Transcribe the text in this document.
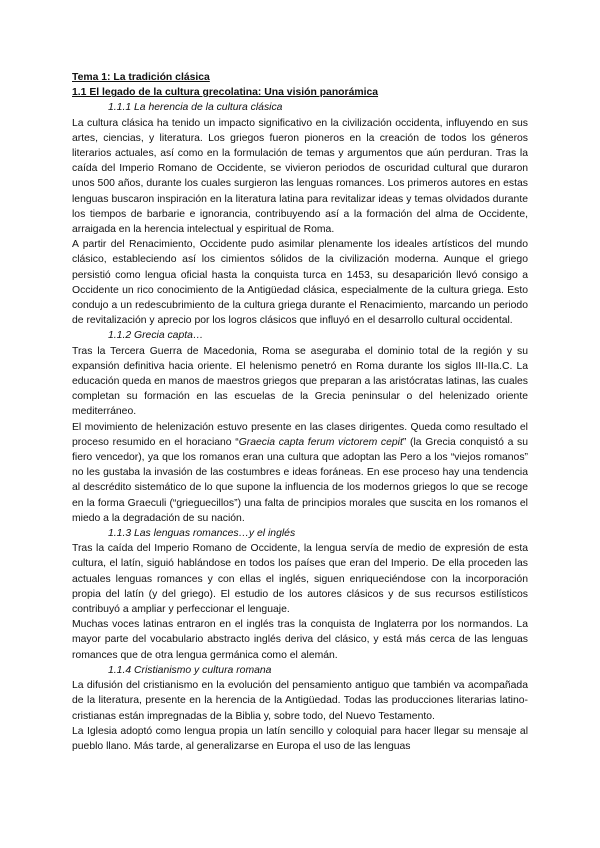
Tema 1: La tradición clásica
1.1 El legado de la cultura grecolatina: Una visión panorámica
1.1.1 La herencia de la cultura clásica

La cultura clásica ha tenido un impacto significativo en la civilización occidenta, influyendo en sus artes, ciencias, y literatura. Los griegos fueron pioneros en la creación de todos los géneros literarios actuales, así como en la formulación de temas y argumentos que aún perduran. Tras la caída del Imperio Romano de Occidente, se vivieron periodos de oscuridad cultural que duraron unos 500 años, durante los cuales surgieron las lenguas romances. Los primeros autores en estas lenguas buscaron inspiración en la literatura latina para revitalizar ideas y temas olvidados durante los tiempos de barbarie e ignorancia, contribuyendo así a la formación del alma de Occidente, arraigada en la herencia intelectual y espiritual de Roma.

A partir del Renacimiento, Occidente pudo asimilar plenamente los ideales artísticos del mundo clásico, estableciendo así los cimientos sólidos de la civilización moderna. Aunque el griego persistió como lengua oficial hasta la conquista turca en 1453, su desaparición llevó consigo a Occidente un rico conocimiento de la Antigüedad clásica, especialmente de la cultura griega. Esto condujo a un redescubrimiento de la cultura griega durante el Renacimiento, marcando un periodo de revitalización y aprecio por los logros clásicos que influyó en el desarrollo cultural occidental.

1.1.2 Grecia capta…

Tras la Tercera Guerra de Macedonia, Roma se aseguraba el dominio total de la región y su expansión definitiva hacia oriente. El helenismo penetró en Roma durante los siglos III-IIa.C. La educación queda en manos de maestros griegos que preparan a las aristócratas latinas, las cuales completan su formación en las escuelas de la Grecia peninsular o del helenizado oriente mediterráneo.

El movimiento de helenización estuvo presente en las clases dirigentes. Queda como resultado el proceso resumido en el horaciano “Graecia capta ferum victorem cepit” (la Grecia conquistó a su fiero vencedor), ya que los romanos eran una cultura que adoptan las Pero a los “viejos romanos” no les gustaba la invasión de las costumbres e ideas foráneas. En ese proceso hay una tendencia al descrédito sistemático de lo que supone la influencia de los modernos griegos lo que se recoge en la forma Graeculi (“grieguecillos”) una falta de principios morales que suscita en los romanos el miedo a la degradación de su nación.

1.1.3 Las lenguas romances…y el inglés

Tras la caída del Imperio Romano de Occidente, la lengua servía de medio de expresión de esta cultura, el latín, siguió hablándose en todos los países que eran del Imperio. De ella proceden las actuales lenguas romances y con ellas el inglés, siguen enriqueciéndose con la incorporación propia del latín (y del griego). El estudio de los autores clásicos y de sus recursos estilísticos contribuyó a ampliar y perfeccionar el lenguaje.

Muchas voces latinas entraron en el inglés tras la conquista de Inglaterra por los normandos. La mayor parte del vocabulario abstracto inglés deriva del clásico, y está más cerca de las lenguas romances que de otra lengua germánica como el alemán.

1.1.4 Cristianismo y cultura romana

La difusión del cristianismo en la evolución del pensamiento antiguo que también va acompañada de la literatura, presente en la herencia de la Antigüedad. Todas las producciones literarias latino-cristianas están impregnadas de la Biblia y, sobre todo, del Nuevo Testamento.

La Iglesia adoptó como lengua propia un latín sencillo y coloquial para hacer llegar su mensaje al pueblo llano. Más tarde, al generalizarse en Europa el uso de las lenguas
